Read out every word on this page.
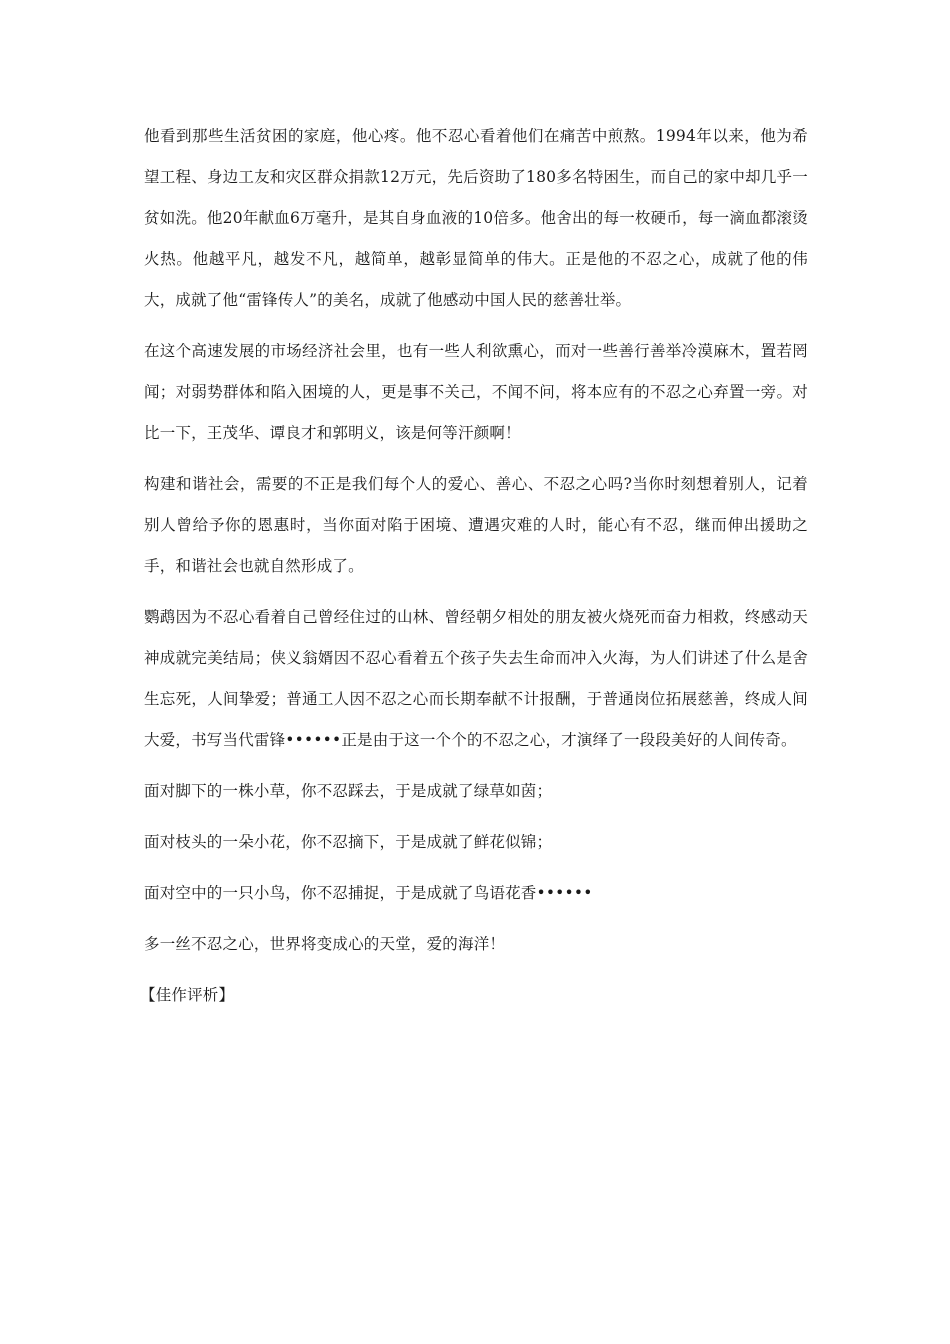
他看到那些生活贫困的家庭，他心疼。他不忍心看着他们在痛苦中煎熬。1994年以来，他为希望工程、身边工友和灾区群众捐款12万元，先后资助了180多名特困生，而自己的家中却几乎一贫如洗。他20年献血6万毫升，是其自身血液的10倍多。他舍出的每一枚硬币，每一滴血都滚烫火热。他越平凡，越发不凡，越简单，越彰显简单的伟大。正是他的不忍之心，成就了他的伟大，成就了他“雷锋传人”的美名，成就了他感动中国人民的慈善壮举。

在这个高速发展的市场经济社会里，也有一些人利欲熏心，而对一些善行善举冷漠麻木，置若罔闻；对弱势群体和陷入困境的人，更是事不关己，不闻不问，将本应有的不忍之心弃置一旁。对比一下，王茂华、谭良才和郭明义，该是何等汗颜啊！

构建和谐社会，需要的不正是我们每个人的爱心、善心、不忍之心吗?当你时刻想着别人，记着别人曾给予你的恩惠时，当你面对陷于困境、遭遇灾难的人时，能心有不忍，继而伸出援助之手，和谐社会也就自然形成了。

鹦鹉因为不忍心看着自己曾经住过的山林、曾经朝夕相处的朋友被火烧死而奋力相救，终感动天神成就完美结局；侠义翁婿因不忍心看着五个孩子失去生命而冲入火海，为人们讲述了什么是舍生忘死，人间挚爱；普通工人因不忍之心而长期奉献不计报酬，于普通岗位拓展慈善，终成人间大爱，书写当代雷锋••••••正是由于这一个个的不忍之心，才演绎了一段段美好的人间传奇。

面对脚下的一株小草，你不忍踩去，于是成就了绿草如茵；

面对枝头的一朵小花，你不忍摘下，于是成就了鲜花似锦；

面对空中的一只小鸟，你不忍捕捉，于是成就了鸟语花香••••••

多一丝不忍之心，世界将变成心的天堂，爱的海洋！

【佳作评析】
